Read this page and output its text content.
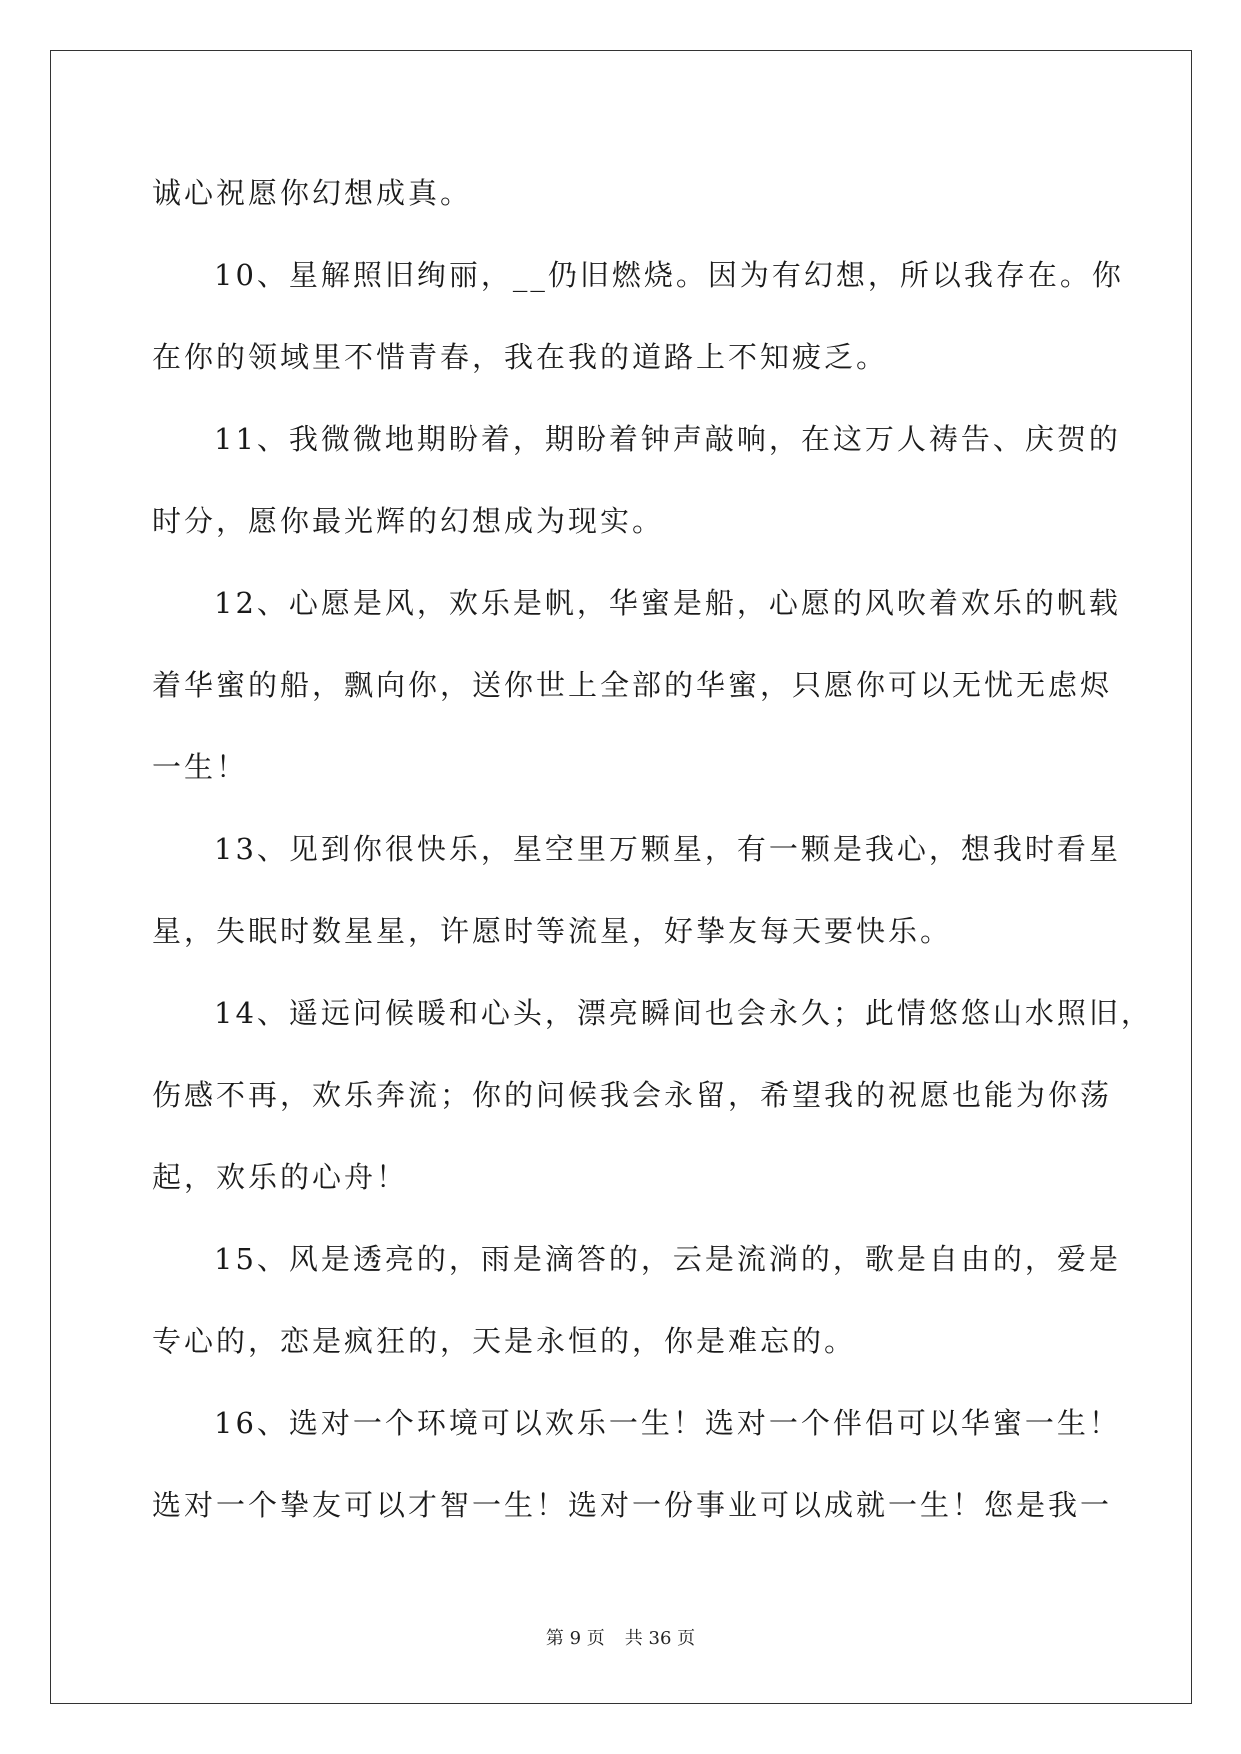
诚心祝愿你幻想成真。
10、星解照旧绚丽，__仍旧燃烧。因为有幻想，所以我存在。你
在你的领域里不惜青春，我在我的道路上不知疲乏。
11、我微微地期盼着，期盼着钟声敲响，在这万人祷告、庆贺的
时分，愿你最光辉的幻想成为现实。
12、心愿是风，欢乐是帆，华蜜是船，心愿的风吹着欢乐的帆载
着华蜜的船，飘向你，送你世上全部的华蜜，只愿你可以无忧无虑烬
一生！
13、见到你很快乐，星空里万颗星，有一颗是我心，想我时看星
星，失眠时数星星，许愿时等流星，好挚友每天要快乐。
14、遥远问候暖和心头，漂亮瞬间也会永久；此情悠悠山水照旧，
伤感不再，欢乐奔流；你的问候我会永留，希望我的祝愿也能为你荡
起，欢乐的心舟！
15、风是透亮的，雨是滴答的，云是流淌的，歌是自由的，爱是
专心的，恋是疯狂的，天是永恒的，你是难忘的。
16、选对一个环境可以欢乐一生！选对一个伴侣可以华蜜一生！
选对一个挚友可以才智一生！选对一份事业可以成就一生！您是我一
第 9 页 共 36 页
